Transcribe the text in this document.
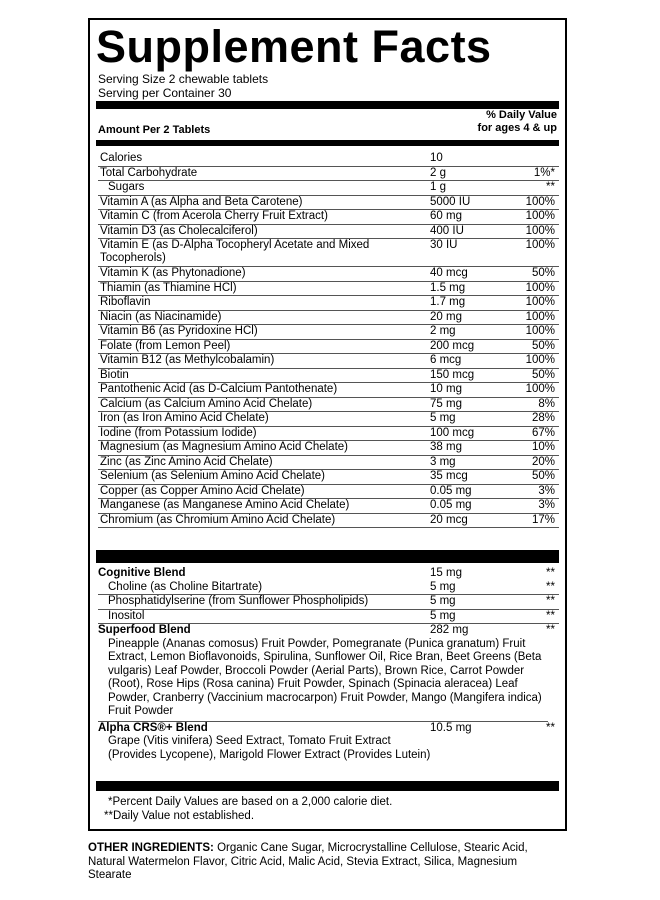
Supplement Facts
Serving Size 2 chewable tablets
Serving per Container 30
Amount Per 2 Tablets
% Daily Value
for ages 4 & up
Calories	10
Total Carbohydrate	2 g	1%*
Sugars	1 g	**
Vitamin A (as Alpha and Beta Carotene)	5000 IU	100%
Vitamin C (from Acerola Cherry Fruit Extract)	60 mg	100%
Vitamin D3 (as Cholecalciferol)	400 IU	100%
Vitamin E (as D-Alpha Tocopheryl Acetate and Mixed Tocopherols)
30 IU	100%
Vitamin K (as Phytonadione)	40 mcg	50%
Thiamin (as Thiamine HCl)	1.5 mg	100%
Riboflavin	1.7 mg	100%
Niacin (as Niacinamide)	20 mg	100%
Vitamin B6 (as Pyridoxine HCl)	2 mg	100%
Folate (from Lemon Peel)	200 mcg	50%
Vitamin B12 (as Methylcobalamin)	6 mcg	100%
Biotin	150 mcg	50%
Pantothenic Acid (as D-Calcium Pantothenate)	10 mg	100%
Calcium (as Calcium Amino Acid Chelate)	75 mg	8%
Iron (as Iron Amino Acid Chelate)	5 mg	28%
Iodine (from Potassium Iodide)	100 mcg	67%
Magnesium (as Magnesium Amino Acid Chelate)	38 mg	10%
Zinc (as Zinc Amino Acid Chelate)	3 mg	20%
Selenium (as Selenium Amino Acid Chelate)	35 mcg	50%
Copper (as Copper Amino Acid Chelate)	0.05 mg	3%
Manganese (as Manganese Amino Acid Chelate)	0.05 mg	3%
Chromium (as Chromium Amino Acid Chelate)	20 mcg	17%
Cognitive Blend	15 mg	**
Choline (as Choline Bitartrate)	5 mg	**
Phosphatidylserine (from Sunflower Phospholipids)	5 mg	**
Inositol	5 mg	**
Superfood Blend	282 mg	**
Pineapple (Ananas comosus) Fruit Powder, Pomegranate (Punica granatum) Fruit Extract, Lemon Bioflavonoids, Spirulina, Sunflower Oil, Rice Bran, Beet Greens (Beta vulgaris) Leaf Powder, Broccoli Powder (Aerial Parts), Brown Rice, Carrot Powder (Root), Rose Hips (Rosa canina) Fruit Powder, Spinach (Spinacia aleracea) Leaf Powder, Cranberry (Vaccinium macrocarpon) Fruit Powder, Mango (Mangifera indica) Fruit Powder
Alpha CRS®+ Blend	10.5 mg	**
Grape (Vitis vinifera) Seed Extract, Tomato Fruit Extract (Provides Lycopene), Marigold Flower Extract (Provides Lutein)
*Percent Daily Values are based on a 2,000 calorie diet.
**Daily Value not established.
OTHER INGREDIENTS: Organic Cane Sugar, Microcrystalline Cellulose, Stearic Acid, Natural Watermelon Flavor, Citric Acid, Malic Acid, Stevia Extract, Silica, Magnesium Stearate
